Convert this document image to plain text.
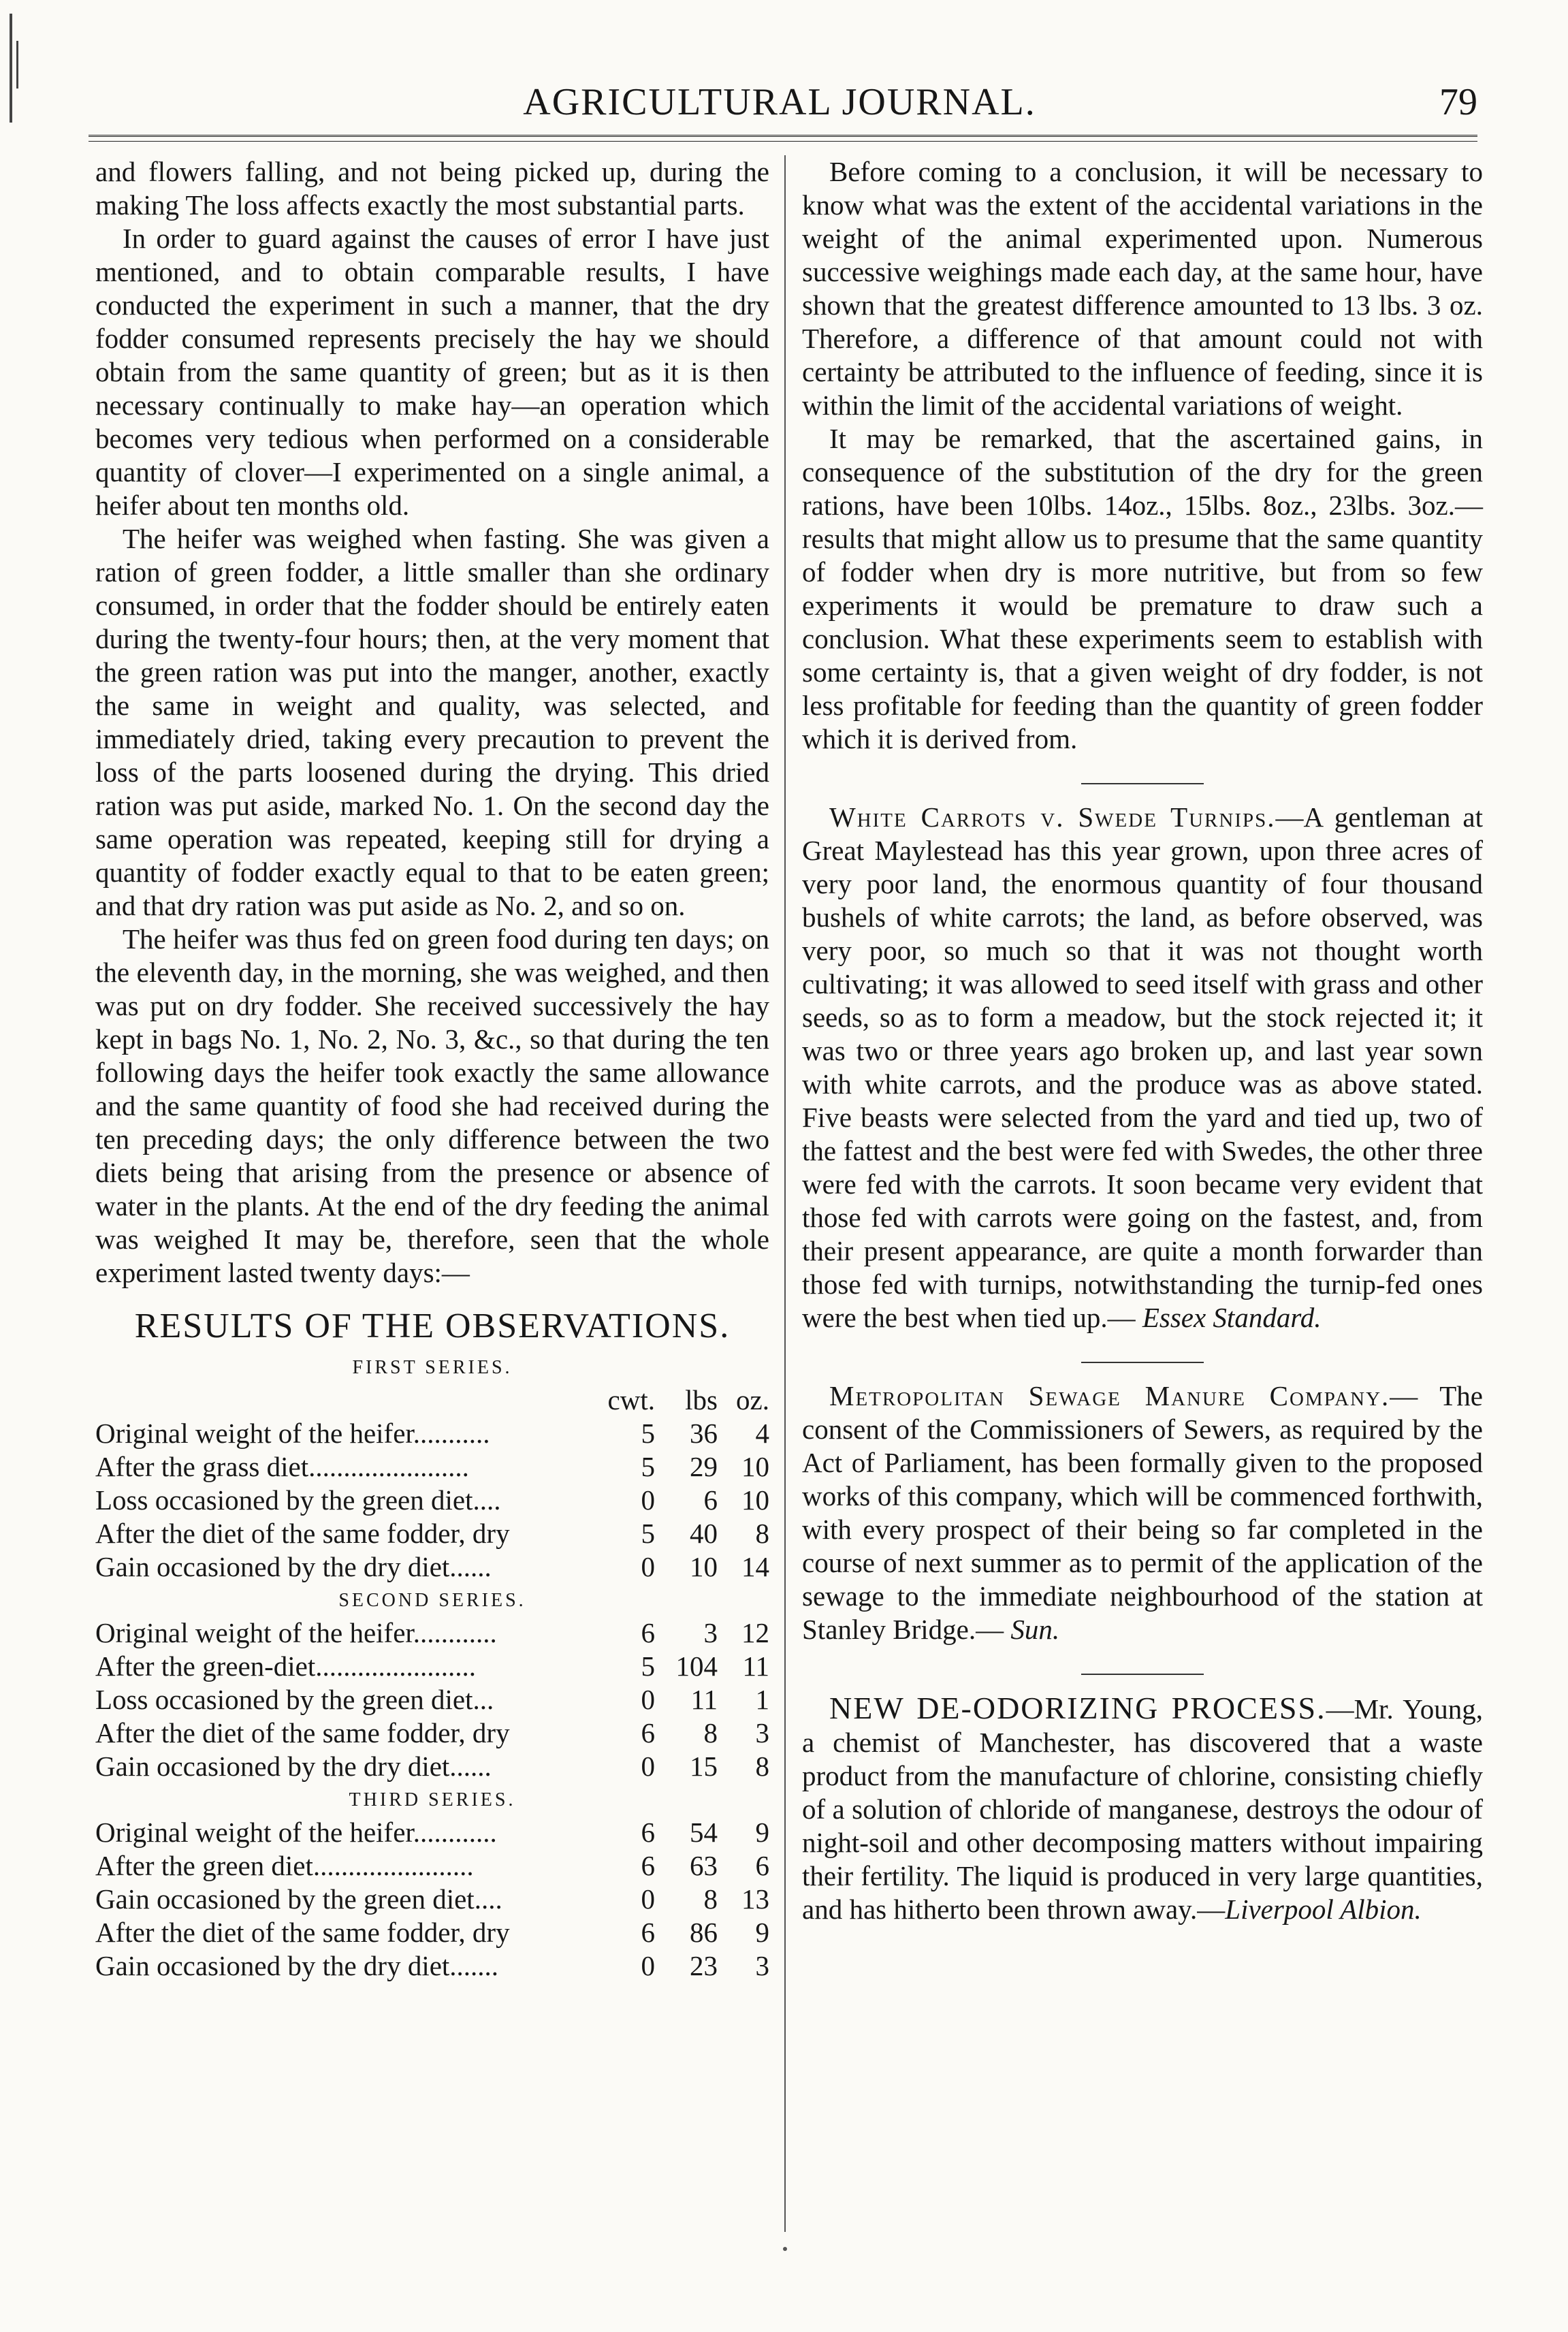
AGRICULTURAL JOURNAL.	79

and flowers falling, and not being picked up, during the making The loss affects exactly the most substantial parts.

In order to guard against the causes of error I have just mentioned, and to obtain comparable results, I have conducted the experiment in such a manner, that the dry fodder consumed represents precisely the hay we should obtain from the same quantity of green; but as it is then necessary continually to make hay—an operation which becomes very tedious when performed on a considerable quantity of clover—I experimented on a single animal, a heifer about ten months old.

The heifer was weighed when fasting. She was given a ration of green fodder, a little smaller than she ordinary consumed, in order that the fodder should be entirely eaten during the twenty-four hours; then, at the very moment that the green ration was put into the manger, another, exactly the same in weight and quality, was selected, and immediately dried, taking every precaution to prevent the loss of the parts loosened during the drying. This dried ration was put aside, marked No. 1. On the second day the same operation was repeated, keeping still for drying a quantity of fodder exactly equal to that to be eaten green; and that dry ration was put aside as No. 2, and so on.

The heifer was thus fed on green food during ten days; on the eleventh day, in the morning, she was weighed, and then was put on dry fodder. She received successively the hay kept in bags No. 1, No. 2, No. 3, &c., so that during the ten following days the heifer took exactly the same allowance and the same quantity of food she had received during the ten preceding days; the only difference between the two diets being that arising from the presence or absence of water in the plants. At the end of the dry feeding the animal was weighed It may be, therefore, seen that the whole experiment lasted twenty days:—

RESULTS OF THE OBSERVATIONS.
FIRST SERIES.
	cwt.	lbs	oz.
Original weight of the heifer...........	5	36	4
After the grass diet.......................	5	29	10
Loss occasioned by the green diet....	0	6	10
After the diet of the same fodder, dry	5	40	8
Gain occasioned by the dry diet......	0	10	14
SECOND SERIES.
Original weight of the heifer............	6	3	12
After the green-diet.......................	5	104	11
Loss occasioned by the green diet...	0	11	1
After the diet of the same fodder, dry	6	8	3
Gain occasioned by the dry diet......	0	15	8
THIRD SERIES.
Original weight of the heifer............	6	54	9
After the green diet.......................	6	63	6
Gain occasioned by the green diet....	0	8	13
After the diet of the same fodder, dry	6	86	9
Gain occasioned by the dry diet.......	0	23	3

Before coming to a conclusion, it will be necessary to know what was the extent of the accidental variations in the weight of the animal experimented upon. Numerous successive weighings made each day, at the same hour, have shown that the greatest difference amounted to 13 lbs. 3 oz. Therefore, a difference of that amount could not with certainty be attributed to the influence of feeding, since it is within the limit of the accidental variations of weight.

It may be remarked, that the ascertained gains, in consequence of the substitution of the dry for the green rations, have been 10lbs. 14oz., 15lbs. 8oz., 23lbs. 3oz.—results that might allow us to presume that the same quantity of fodder when dry is more nutritive, but from so few experiments it would be premature to draw such a conclusion. What these experiments seem to establish with some certainty is, that a given weight of dry fodder, is not less profitable for feeding than the quantity of green fodder which it is derived from.

White Carrots v. Swede Turnips.—A gentleman at Great Maylestead has this year grown, upon three acres of very poor land, the enormous quantity of four thousand bushels of white carrots; the land, as before observed, was very poor, so much so that it was not thought worth cultivating; it was allowed to seed itself with grass and other seeds, so as to form a meadow, but the stock rejected it; it was two or three years ago broken up, and last year sown with white carrots, and the produce was as above stated. Five beasts were selected from the yard and tied up, two of the fattest and the best were fed with Swedes, the other three were fed with the carrots. It soon became very evident that those fed with carrots were going on the fastest, and, from their present appearance, are quite a month forwarder than those fed with turnips, notwithstanding the turnip-fed ones were the best when tied up.— Essex Standard.

Metropolitan Sewage Manure Company.— The consent of the Commissioners of Sewers, as required by the Act of Parliament, has been formally given to the proposed works of this company, which will be commenced forthwith, with every prospect of their being so far completed in the course of next summer as to permit of the application of the sewage to the immediate neighbourhood of the station at Stanley Bridge.— Sun.

NEW DE-ODORIZING PROCESS.—Mr. Young, a chemist of Manchester, has discovered that a waste product from the manufacture of chlorine, consisting chiefly of a solution of chloride of manganese, destroys the odour of night-soil and other decomposing matters without impairing their fertility. The liquid is produced in very large quantities, and has hitherto been thrown away.—Liverpool Albion.
